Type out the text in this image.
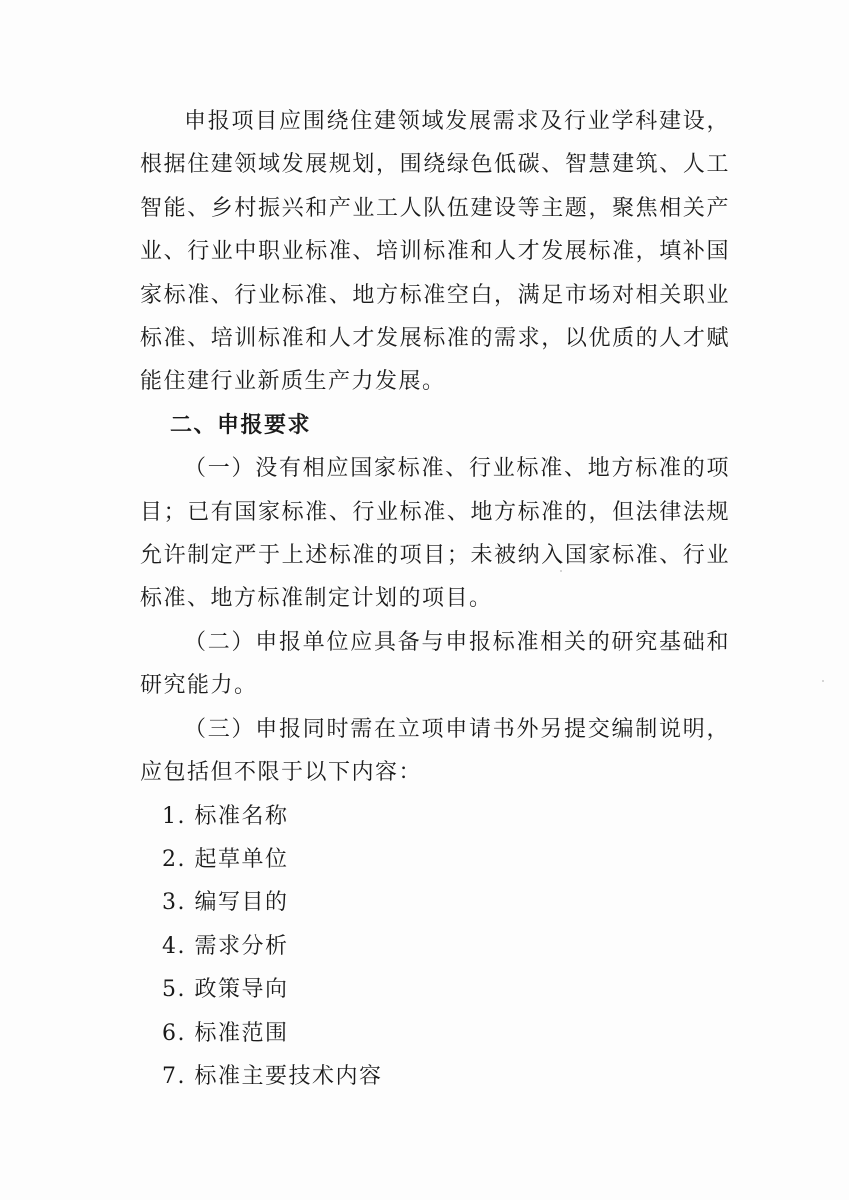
申报项目应围绕住建领域发展需求及行业学科建设，根据住建领域发展规划，围绕绿色低碳、智慧建筑、人工智能、乡村振兴和产业工人队伍建设等主题，聚焦相关产业、行业中职业标准、培训标准和人才发展标准，填补国家标准、行业标准、地方标准空白，满足市场对相关职业标准、培训标准和人才发展标准的需求，以优质的人才赋能住建行业新质生产力发展。

二、申报要求

（一）没有相应国家标准、行业标准、地方标准的项目；已有国家标准、行业标准、地方标准的，但法律法规允许制定严于上述标准的项目；未被纳入国家标准、行业标准、地方标准制定计划的项目。

（二）申报单位应具备与申报标准相关的研究基础和研究能力。

（三）申报同时需在立项申请书外另提交编制说明，应包括但不限于以下内容：

1. 标准名称

2. 起草单位

3. 编写目的

4. 需求分析

5. 政策导向

6. 标准范围

7. 标准主要技术内容
